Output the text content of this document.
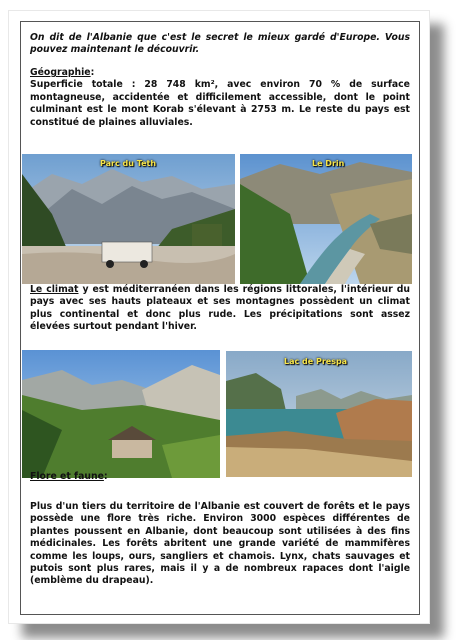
On dit de l'Albanie que c'est le secret le mieux gardé d'Europe. Vous pouvez maintenant le découvrir.
Géographie:
Superficie totale : 28 748 km², avec environ 70 % de surface montagneuse, accidentée et difficilement accessible, dont le point culminant est le mont Korab s'élevant à 2753 m. Le reste du pays est constitué de plaines alluviales.
Parc du Teth	Le Drin
Le climat y est méditerranéen dans les régions littorales, l'intérieur du pays avec ses hauts plateaux et ses montagnes possèdent un climat plus continental et donc plus rude. Les précipitations sont assez élevées surtout pendant l'hiver.
Lac de Prespa
Flore et faune:
Plus d'un tiers du territoire de l'Albanie est couvert de forêts et le pays possède une flore très riche. Environ 3000 espèces différentes de plantes poussent en Albanie, dont beaucoup sont utilisées à des fins médicinales. Les forêts abritent une grande variété de mammifères comme les loups, ours, sangliers et chamois. Lynx, chats sauvages et putois sont plus rares, mais il y a de nombreux rapaces dont l'aigle (emblème du drapeau).
